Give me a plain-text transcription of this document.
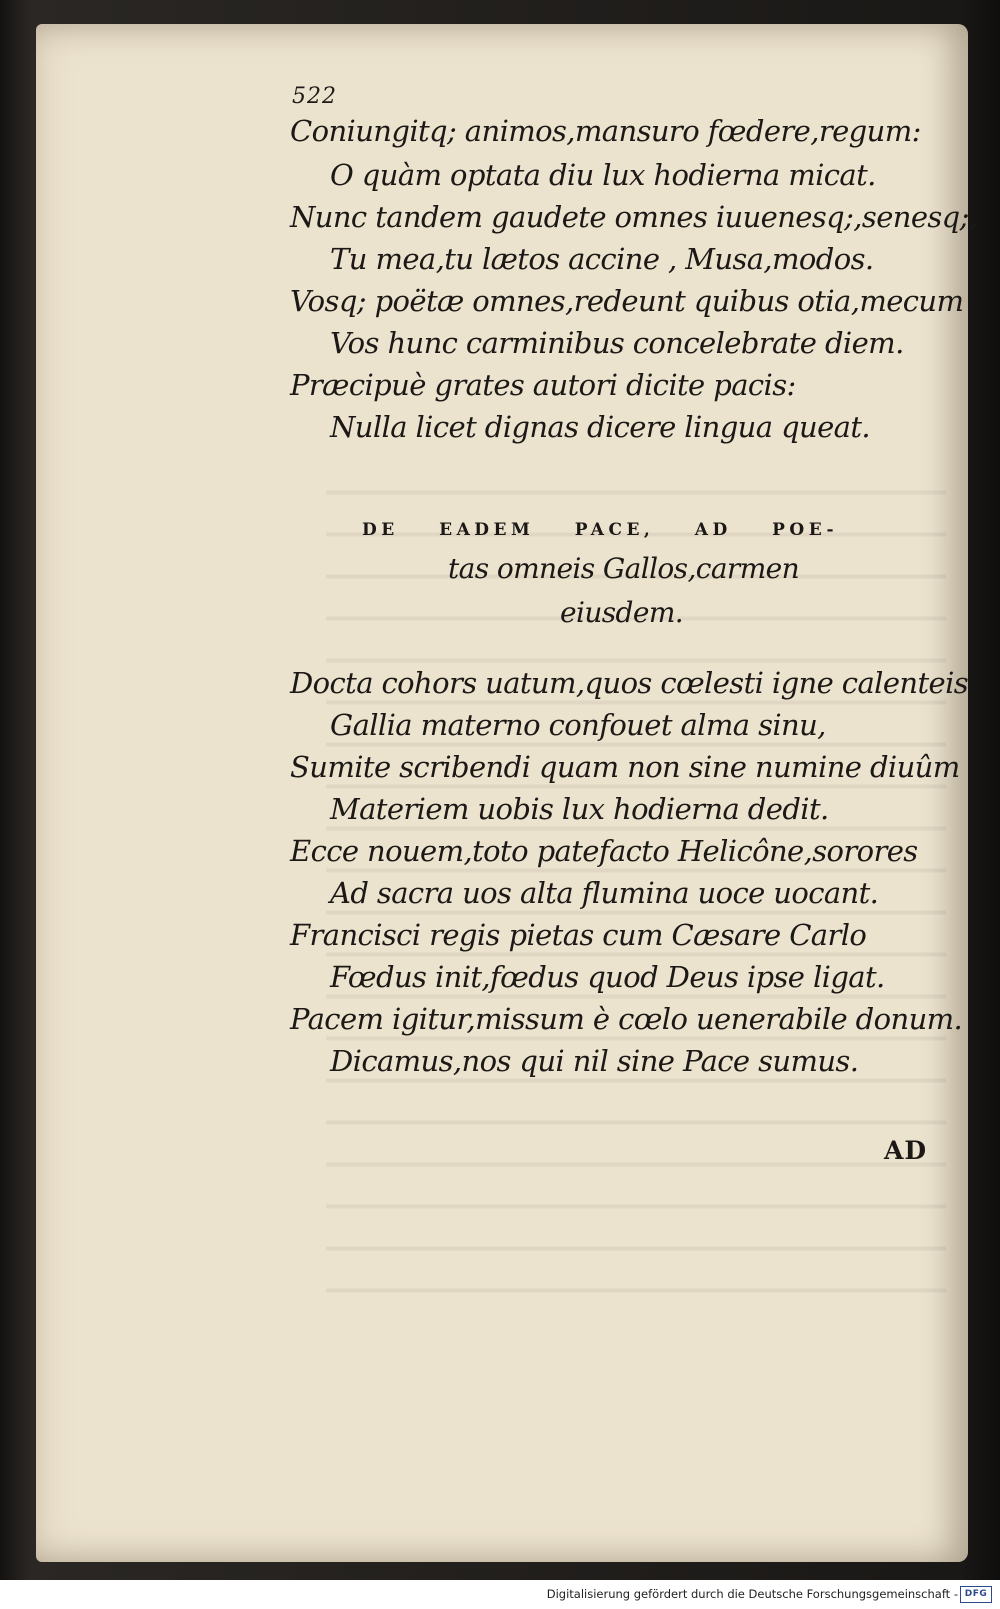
522
Coniungitq; animos,mansuro fœdere,regum:
O quàm optata diu lux hodierna micat.
Nunc tandem gaudete omnes iuuenesq;,senesq;,
Tu mea,tu lætos accine , Musa,modos.
Vosq; poëtæ omnes,redeunt quibus otia,mecum
Vos hunc carminibus concelebrate diem.
Præcipuè grates autori dicite pacis:
Nulla licet dignas dicere lingua queat.
DE EADEM PACE, AD POE-
tas omneis Gallos,carmen
eiusdem.
Docta cohors uatum,quos cœlesti igne calenteis
Gallia materno confouet alma sinu,
Sumite scribendi quam non sine numine diuûm
Materiem uobis lux hodierna dedit.
Ecce nouem,toto patefacto Helicône,sorores
Ad sacra uos alta flumina uoce uocant.
Francisci regis pietas cum Cæsare Carlo
Fœdus init,fœdus quod Deus ipse ligat.
Pacem igitur,missum è cœlo uenerabile donum.
Dicamus,nos qui nil sine Pace sumus.
AD
Digitalisierung gefördert durch die Deutsche Forschungsgemeinschaft - DFG
